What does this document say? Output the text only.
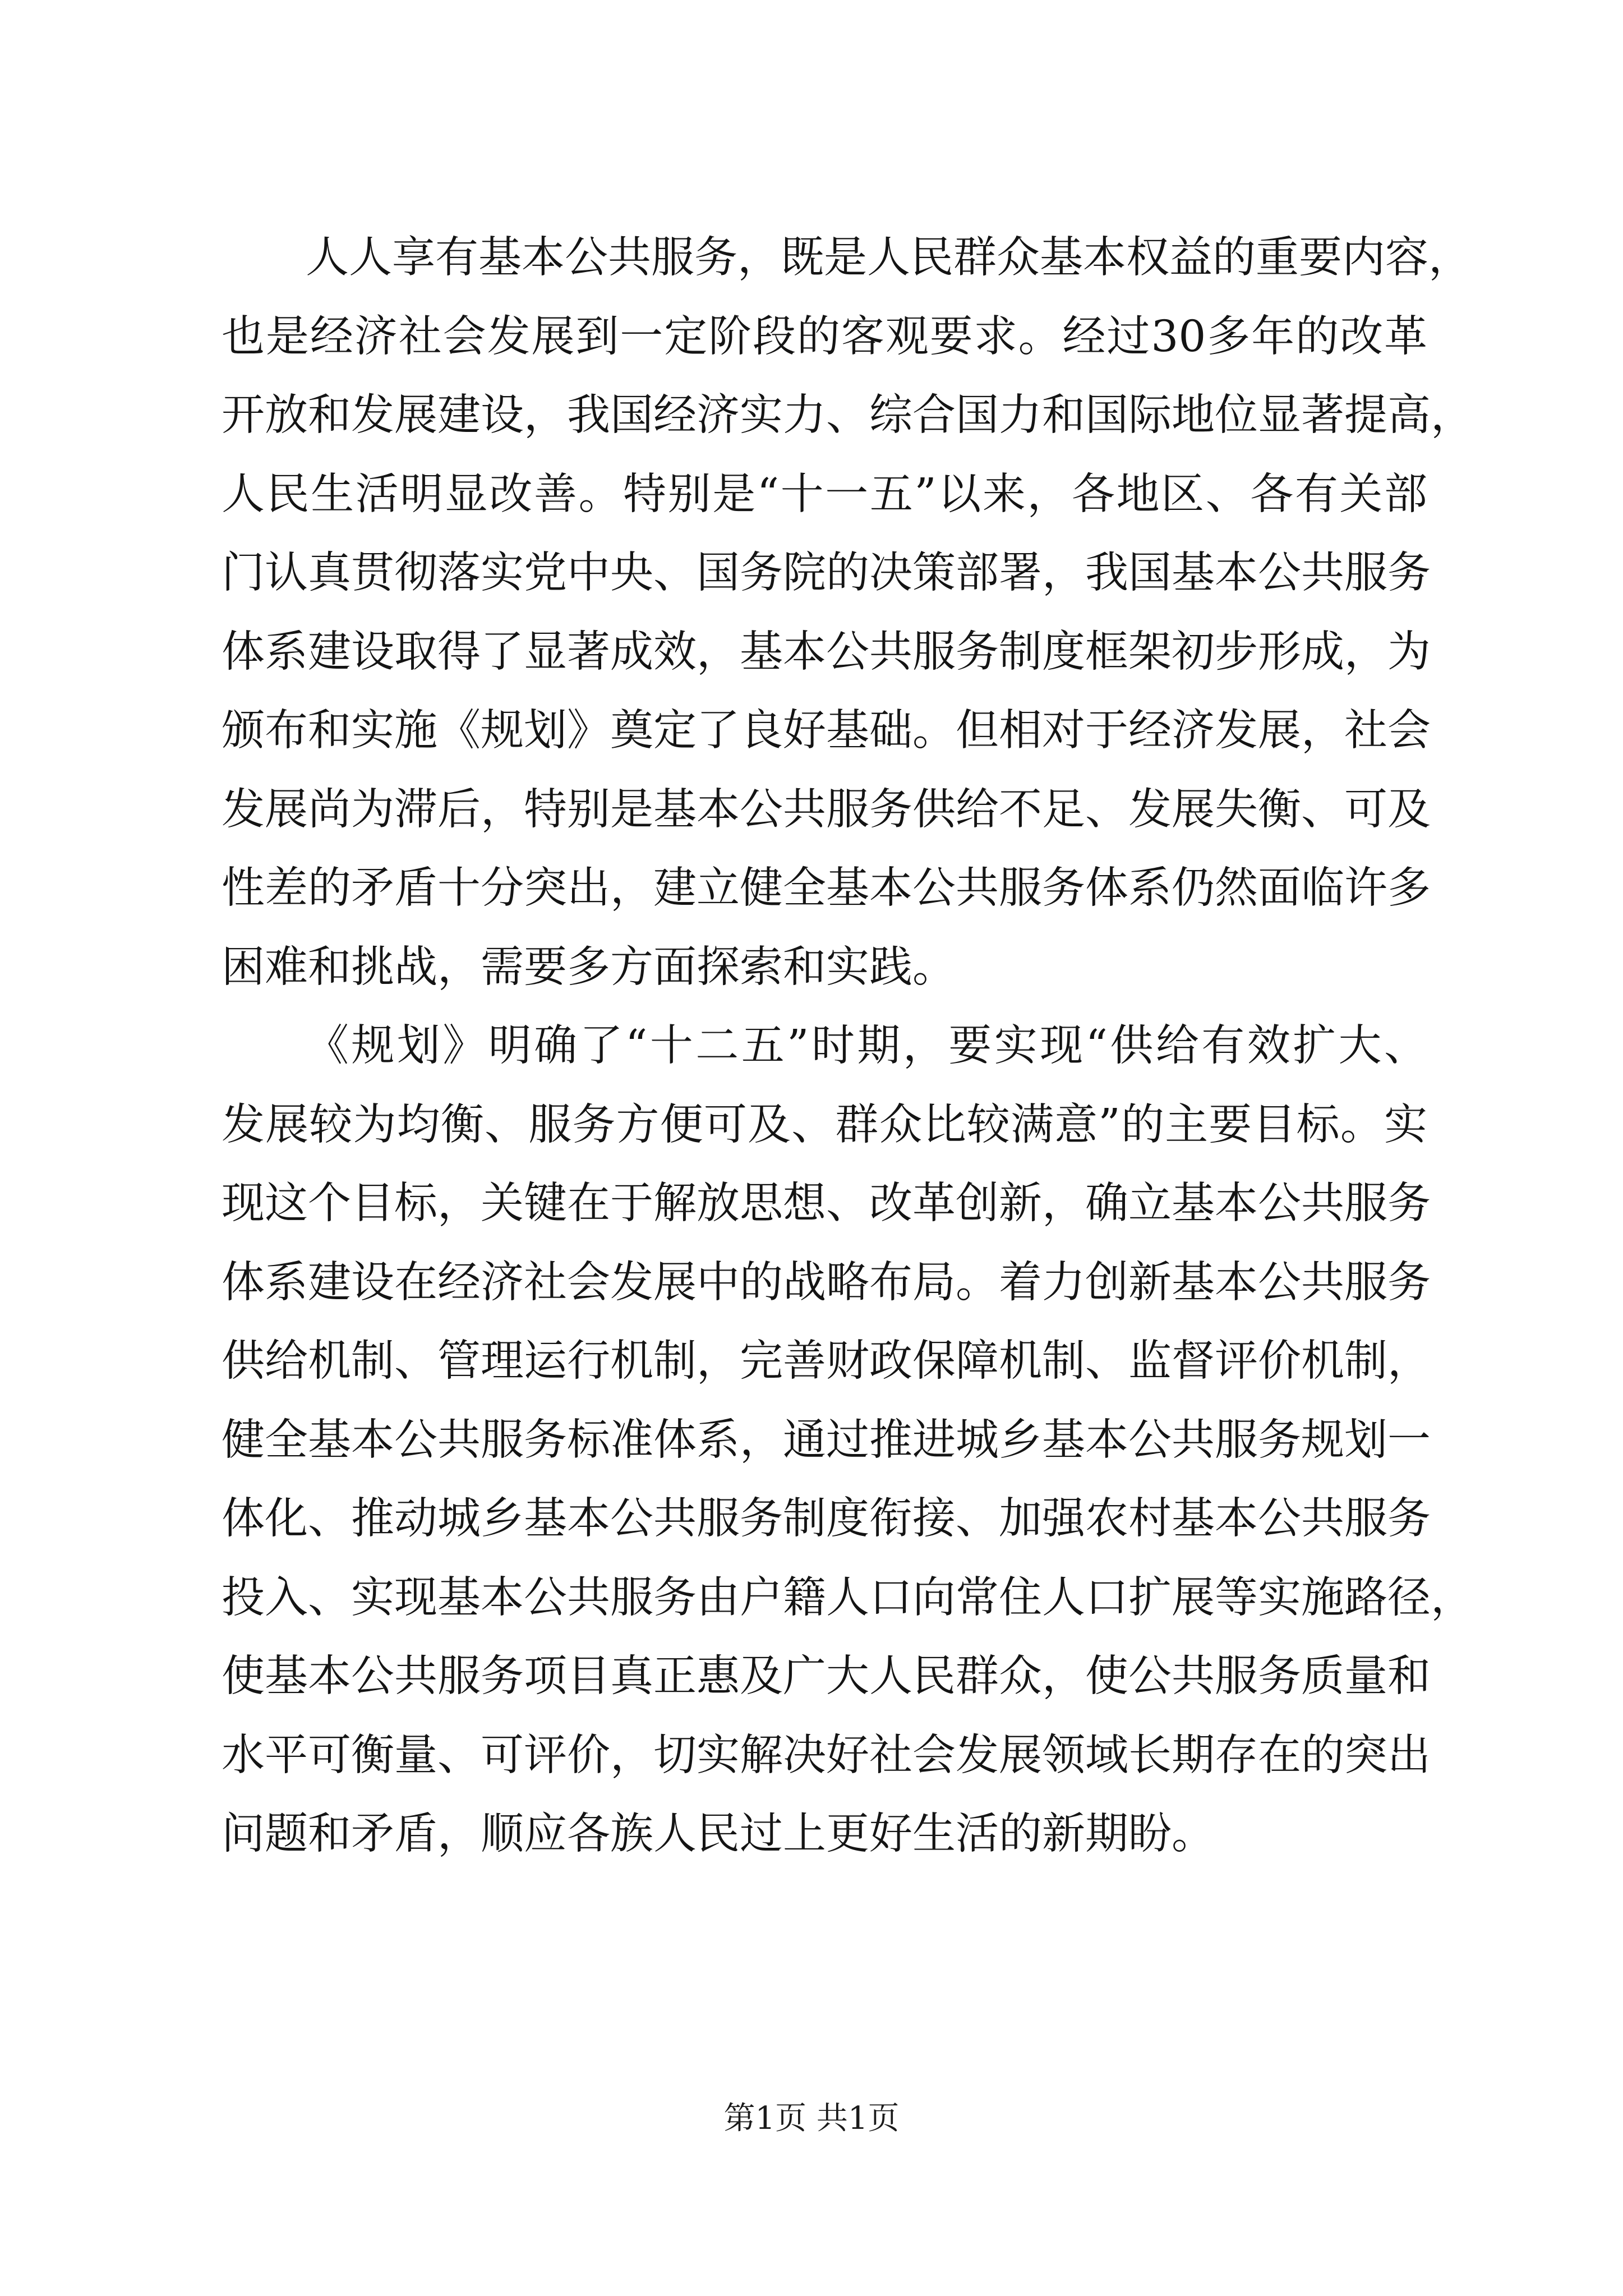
人人享有基本公共服务，既是人民群众基本权益的重要内容，
也是经济社会发展到一定阶段的客观要求。经过30多年的改革
开放和发展建设，我国经济实力、综合国力和国际地位显著提高，
人民生活明显改善。特别是“十一五”以来，各地区、各有关部
门认真贯彻落实党中央、国务院的决策部署，我国基本公共服务
体系建设取得了显著成效，基本公共服务制度框架初步形成，为
颁布和实施《规划》奠定了良好基础。但相对于经济发展，社会
发展尚为滞后，特别是基本公共服务供给不足、发展失衡、可及
性差的矛盾十分突出，建立健全基本公共服务体系仍然面临许多
困难和挑战，需要多方面探索和实践。
《规划》明确了“十二五”时期，要实现“供给有效扩大、
发展较为均衡、服务方便可及、群众比较满意”的主要目标。实
现这个目标，关键在于解放思想、改革创新，确立基本公共服务
体系建设在经济社会发展中的战略布局。着力创新基本公共服务
供给机制、管理运行机制，完善财政保障机制、监督评价机制，
健全基本公共服务标准体系，通过推进城乡基本公共服务规划一
体化、推动城乡基本公共服务制度衔接、加强农村基本公共服务
投入、实现基本公共服务由户籍人口向常住人口扩展等实施路径，
使基本公共服务项目真正惠及广大人民群众，使公共服务质量和
水平可衡量、可评价，切实解决好社会发展领域长期存在的突出
问题和矛盾，顺应各族人民过上更好生活的新期盼。
第1页 共1页
